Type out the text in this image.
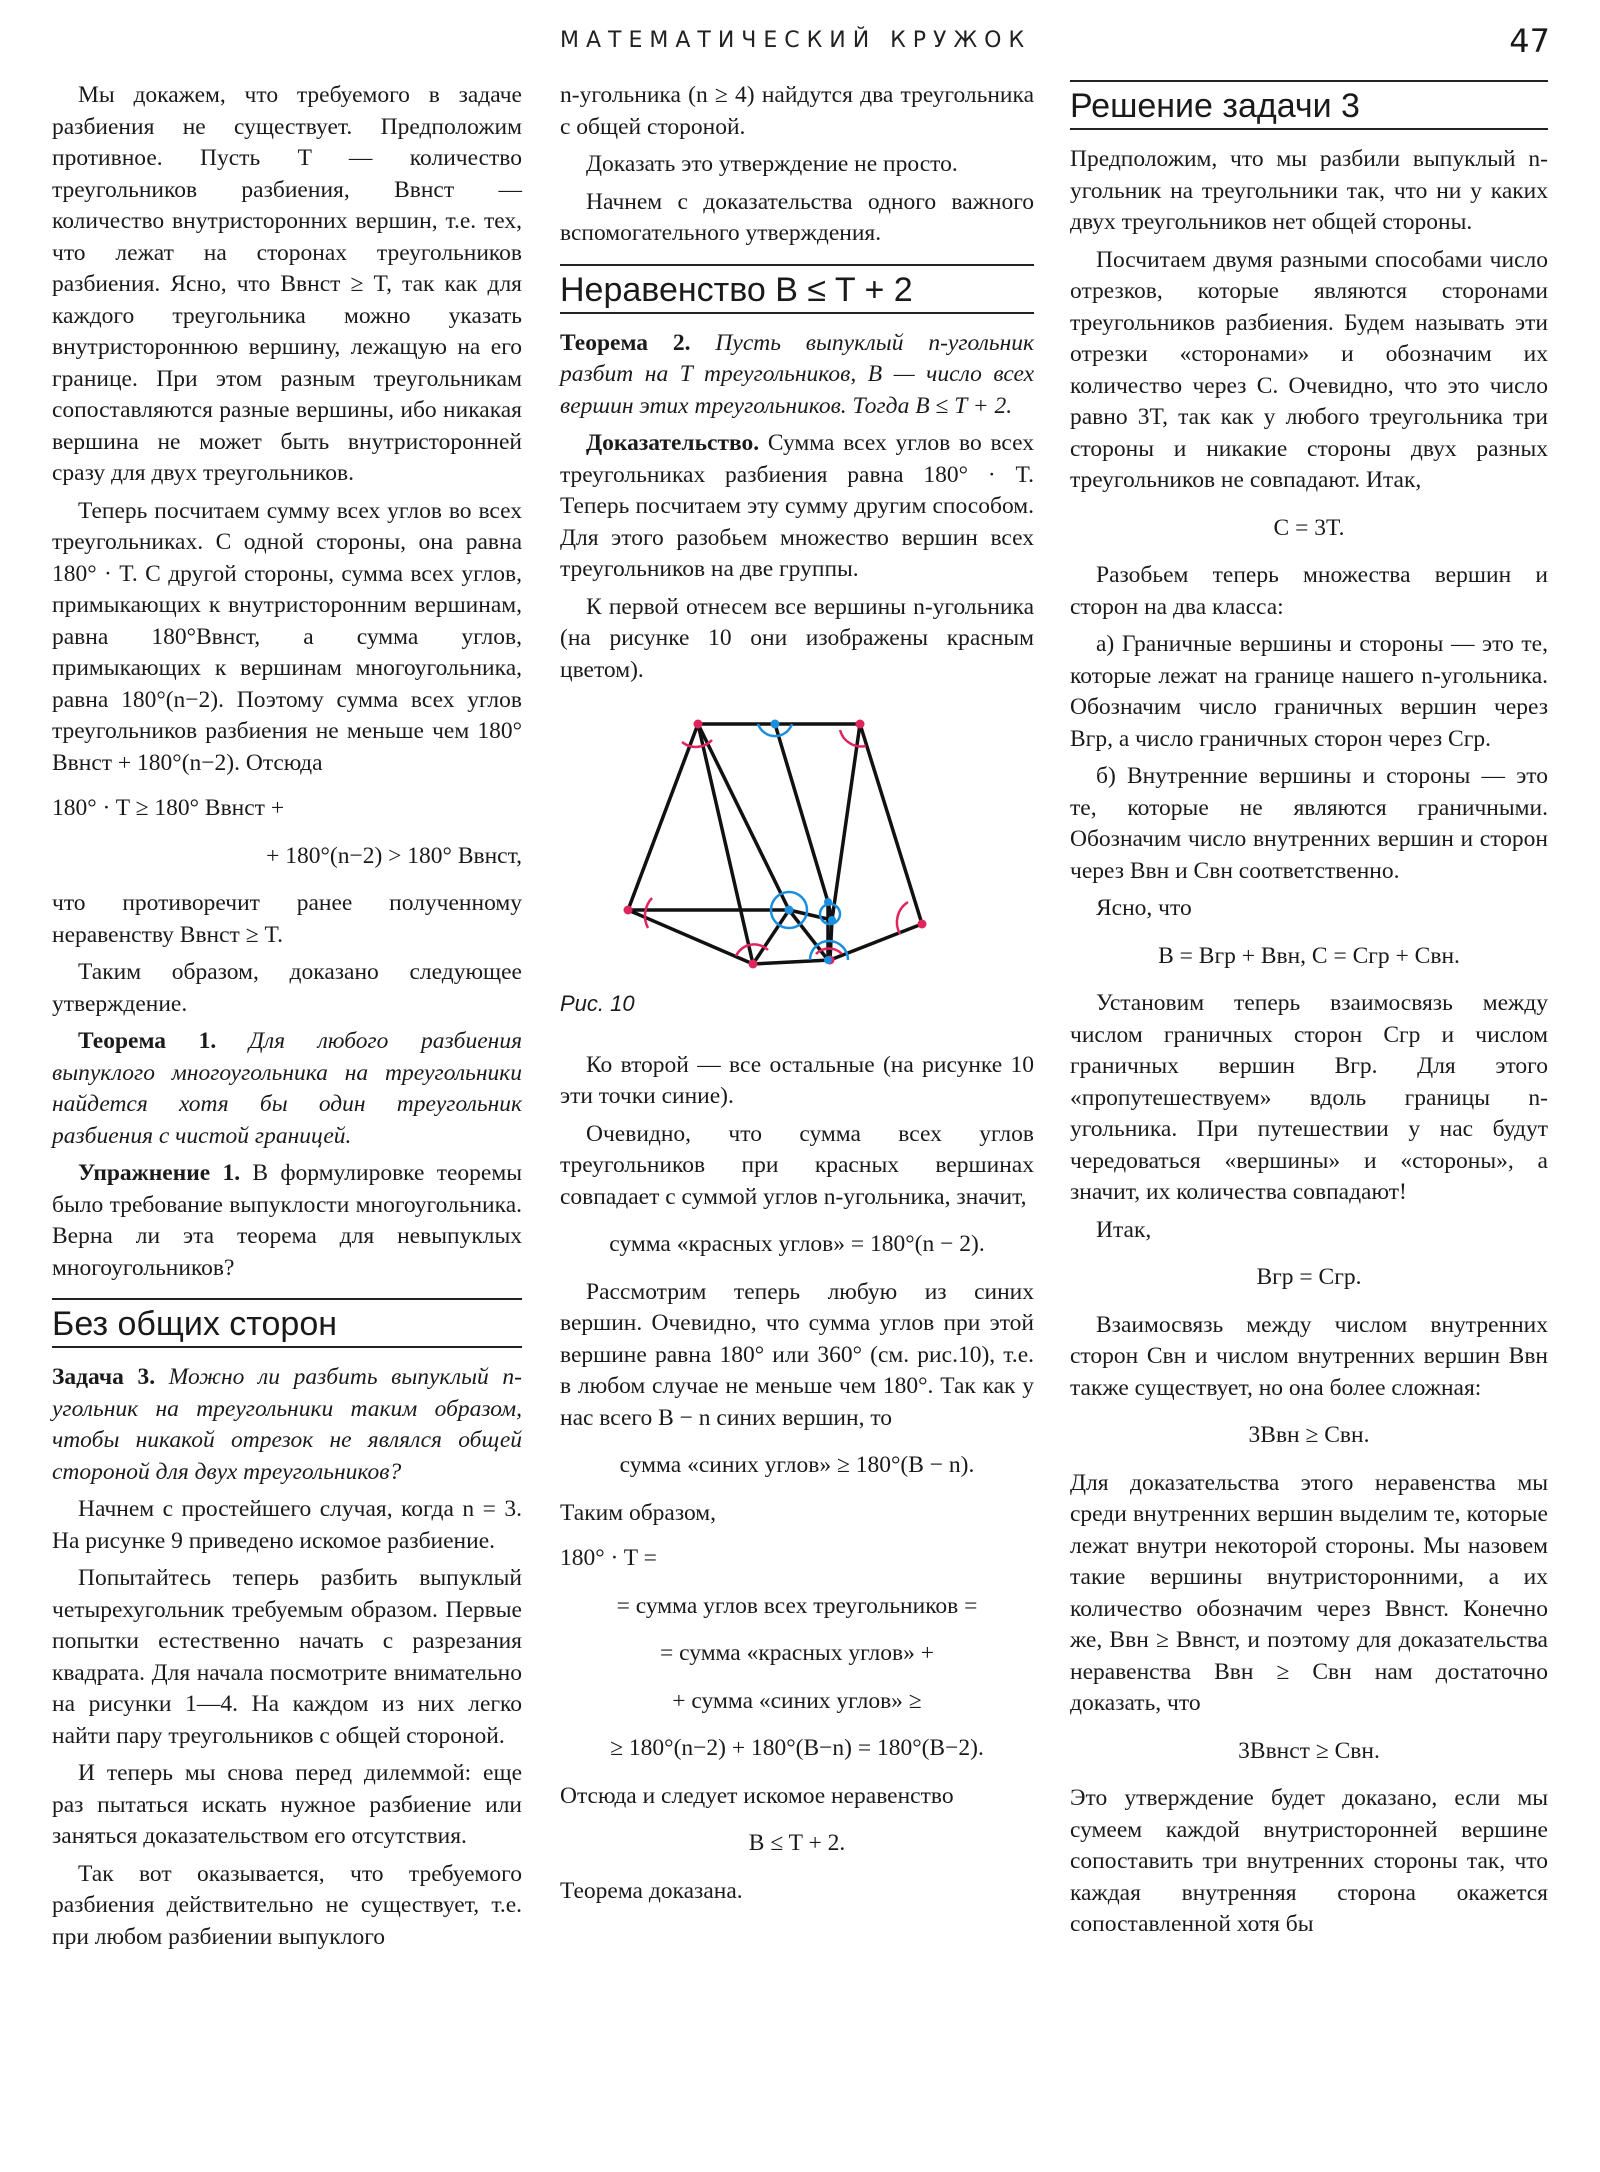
МАТЕМАТИЧЕСКИЙ КРУЖОК	47

Мы докажем, что требуемого в задаче разбиения не существует. Предположим противное. Пусть T — количество треугольников разбиения, Bвнст — количество внутристоронних вершин, т.е. тех, что лежат на сторонах треугольников разбиения. Ясно, что Bвнст ≥ T, так как для каждого треугольника можно указать внутристороннюю вершину, лежащую на его границе. При этом разным треугольникам сопоставляются разные вершины, ибо никакая вершина не может быть внутристоронней сразу для двух треугольников.

Теперь посчитаем сумму всех углов во всех треугольниках. С одной стороны, она равна 180° · T. С другой стороны, сумма всех углов, примыкающих к внутристоронним вершинам, равна 180°Bвнст, а сумма углов, примыкающих к вершинам многоугольника, равна 180°(n−2). Поэтому сумма всех углов треугольников разбиения не меньше чем 180° Bвнст + 180°(n−2). Отсюда

180° · T ≥ 180° Bвнст +

+ 180°(n−2) > 180° Bвнст,

что противоречит ранее полученному неравенству Bвнст ≥ T.

Таким образом, доказано следующее утверждение.

Теорема 1. Для любого разбиения выпуклого многоугольника на треугольники найдется хотя бы один треугольник разбиения с чистой границей.

Упражнение 1. В формулировке теоремы было требование выпуклости многоугольника. Верна ли эта теорема для невыпуклых многоугольников?

Без общих сторон

Задача 3. Можно ли разбить выпуклый n-угольник на треугольники таким образом, чтобы никакой отрезок не являлся общей стороной для двух треугольников?

Начнем с простейшего случая, когда n = 3. На рисунке 9 приведено искомое разбиение.

Попытайтесь теперь разбить выпуклый четырехугольник требуемым образом. Первые попытки естественно начать с разрезания квадрата. Для начала посмотрите внимательно на рисунки 1—4. На каждом из них легко найти пару треугольников с общей стороной.

И теперь мы снова перед дилеммой: еще раз пытаться искать нужное разбиение или заняться доказательством его отсутствия.

Так вот оказывается, что требуемого разбиения действительно не существует, т.е. при любом разбиении выпуклого

n-угольника (n ≥ 4) найдутся два треугольника с общей стороной.

Доказать это утверждение не просто.

Начнем с доказательства одного важного вспомогательного утверждения.

Неравенство B ≤ T + 2

Теорема 2. Пусть выпуклый n-угольник разбит на T треугольников, B — число всех вершин этих треугольников. Тогда B ≤ T + 2.

Доказательство. Сумма всех углов во всех треугольниках разбиения равна 180° · T. Теперь посчитаем эту сумму другим способом. Для этого разобьем множество вершин всех треугольников на две группы.

К первой отнесем все вершины n-угольника (на рисунке 10 они изображены красным цветом).

Рис. 10

Ко второй — все остальные (на рисунке 10 эти точки синие).

Очевидно, что сумма всех углов треугольников при красных вершинах совпадает с суммой углов n-угольника, значит,

сумма «красных углов» = 180°(n − 2).

Рассмотрим теперь любую из синих вершин. Очевидно, что сумма углов при этой вершине равна 180° или 360° (см. рис.10), т.е. в любом случае не меньше чем 180°. Так как у нас всего B − n синих вершин, то

сумма «синих углов» ≥ 180°(B − n).

Таким образом,

180° · T =

= сумма углов всех треугольников =

= сумма «красных углов» +

+ сумма «синих углов» ≥

≥ 180°(n−2) + 180°(B−n) = 180°(B−2).

Отсюда и следует искомое неравенство

B ≤ T + 2.

Теорема доказана.

Решение задачи 3

Предположим, что мы разбили выпуклый n-угольник на треугольники так, что ни у каких двух треугольников нет общей стороны.

Посчитаем двумя разными способами число отрезков, которые являются сторонами треугольников разбиения. Будем называть эти отрезки «сторонами» и обозначим их количество через C. Очевидно, что это число равно 3T, так как у любого треугольника три стороны и никакие стороны двух разных треугольников не совпадают. Итак,

C = 3T.

Разобьем теперь множества вершин и сторон на два класса:

а) Граничные вершины и стороны — это те, которые лежат на границе нашего n-угольника. Обозначим число граничных вершин через Bгр, а число граничных сторон через Cгр.

б) Внутренние вершины и стороны — это те, которые не являются граничными. Обозначим число внутренних вершин и сторон через Bвн и Cвн соответственно.

Ясно, что

B = Bгр + Bвн, C = Cгр + Cвн.

Установим теперь взаимосвязь между числом граничных сторон Cгр и числом граничных вершин Bгр. Для этого «пропутешествуем» вдоль границы n-угольника. При путешествии у нас будут чередоваться «вершины» и «стороны», а значит, их количества совпадают!

Итак,

Bгр = Cгр.

Взаимосвязь между числом внутренних сторон Cвн и числом внутренних вершин Bвн также существует, но она более сложная:

3Bвн ≥ Cвн.

Для доказательства этого неравенства мы среди внутренних вершин выделим те, которые лежат внутри некоторой стороны. Мы назовем такие вершины внутристоронними, а их количество обозначим через Bвнст. Конечно же, Bвн ≥ Bвнст, и поэтому для доказательства неравенства Bвн ≥ Cвн нам достаточно доказать, что

3Bвнст ≥ Cвн.

Это утверждение будет доказано, если мы сумеем каждой внутристоронней вершине сопоставить три внутренних стороны так, что каждая внутренняя сторона окажется сопоставленной хотя бы
